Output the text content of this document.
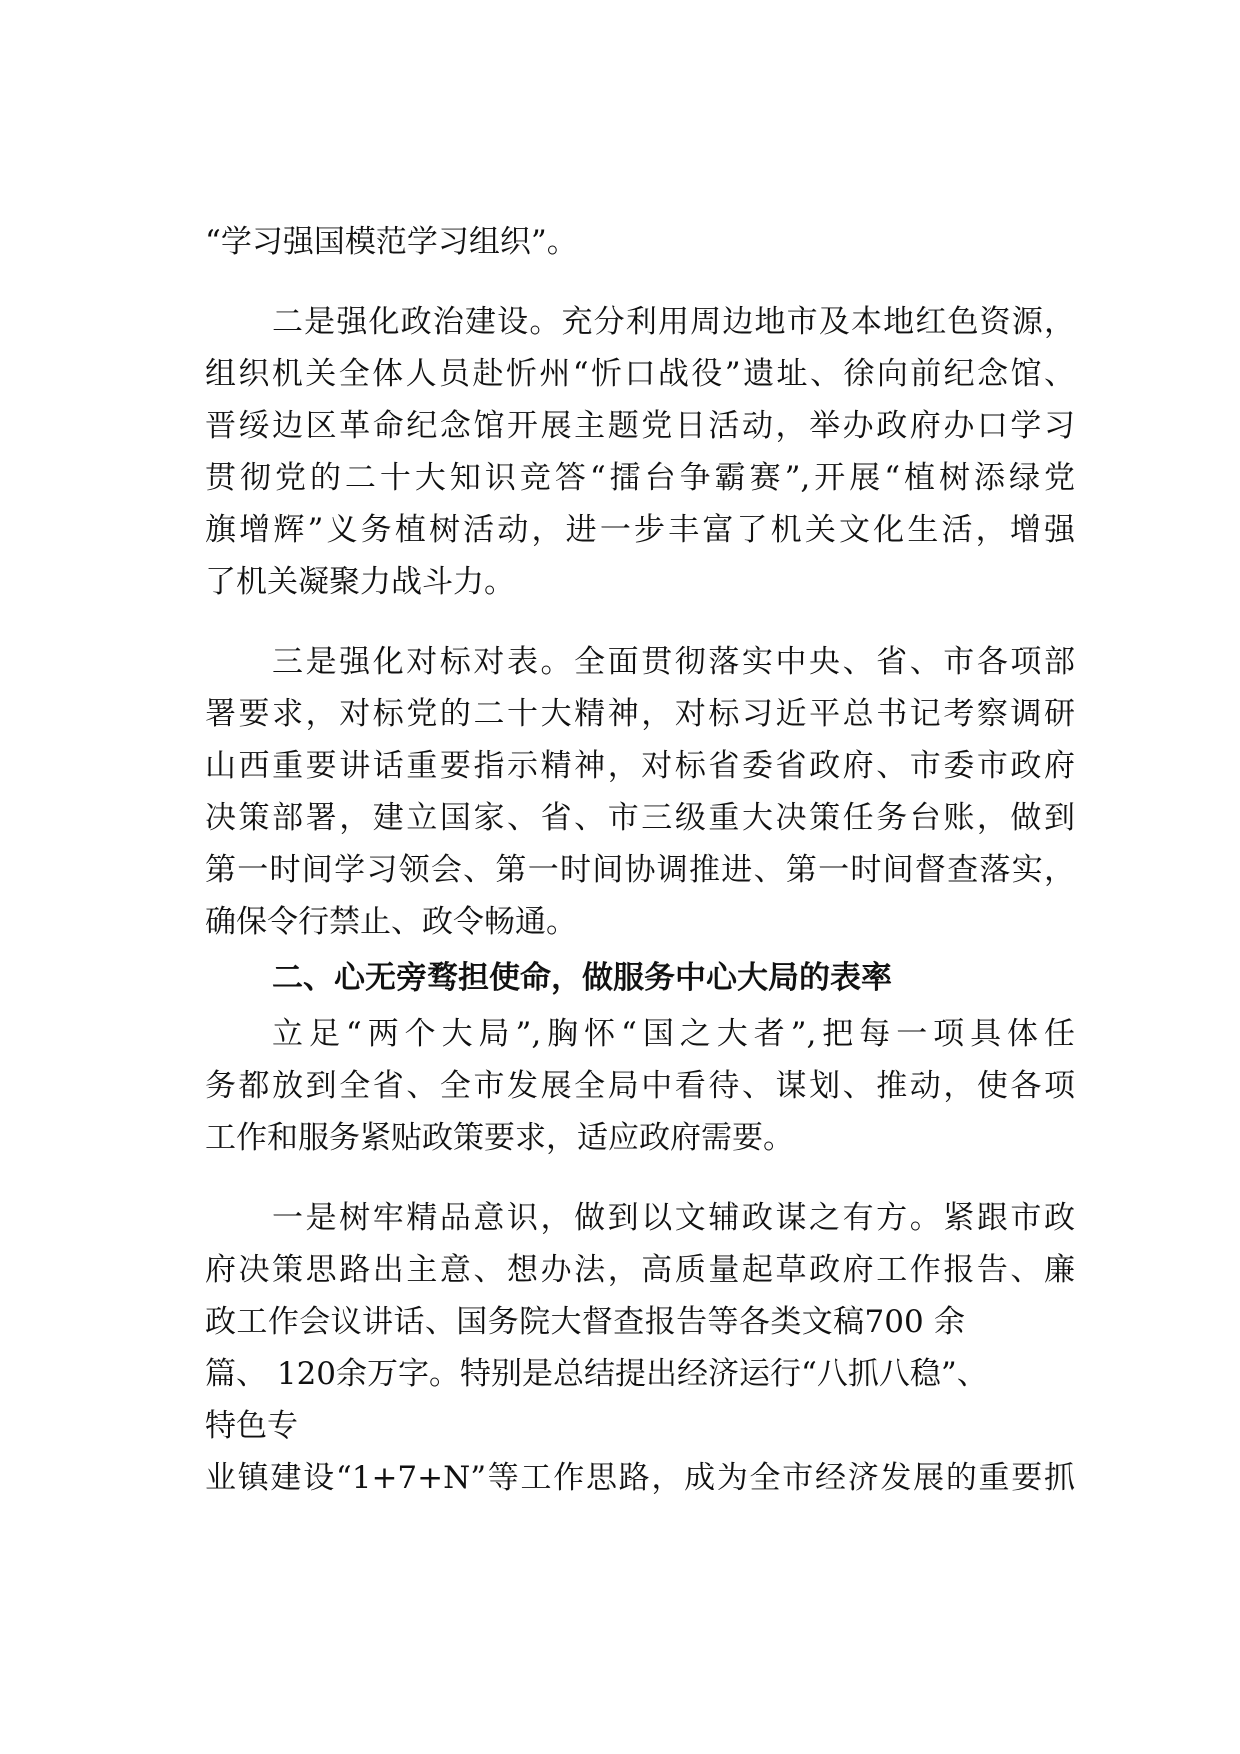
“学习强国模范学习组织”。
二是强化政治建设。充分利用周边地市及本地红色资源，
组织机关全体人员赴忻州“忻口战役”遗址、徐向前纪念馆、
晋绥边区革命纪念馆开展主题党日活动，举办政府办口学习
贯彻党的二十大知识竞答“擂台争霸赛”,开展“植树添绿党
旗增辉”义务植树活动，进一步丰富了机关文化生活，增强
了机关凝聚力战斗力。
三是强化对标对表。全面贯彻落实中央、省、市各项部
署要求，对标党的二十大精神，对标习近平总书记考察调研
山西重要讲话重要指示精神，对标省委省政府、市委市政府
决策部署，建立国家、省、市三级重大决策任务台账，做到
第一时间学习领会、第一时间协调推进、第一时间督查落实，
确保令行禁止、政令畅通。
二、心无旁骛担使命，做服务中心大局的表率
立足“两个大局”,胸怀“国之大者”,把每一项具体任
务都放到全省、全市发展全局中看待、谋划、推动，使各项
工作和服务紧贴政策要求，适应政府需要。
一是树牢精品意识，做到以文辅政谋之有方。紧跟市政
府决策思路出主意、想办法，高质量起草政府工作报告、廉
政工作会议讲话、国务院大督查报告等各类文稿700 余
篇、 120余万字。特别是总结提出经济运行“八抓八稳”、
特色专
业镇建设“1+7+N”等工作思路，成为全市经济发展的重要抓
